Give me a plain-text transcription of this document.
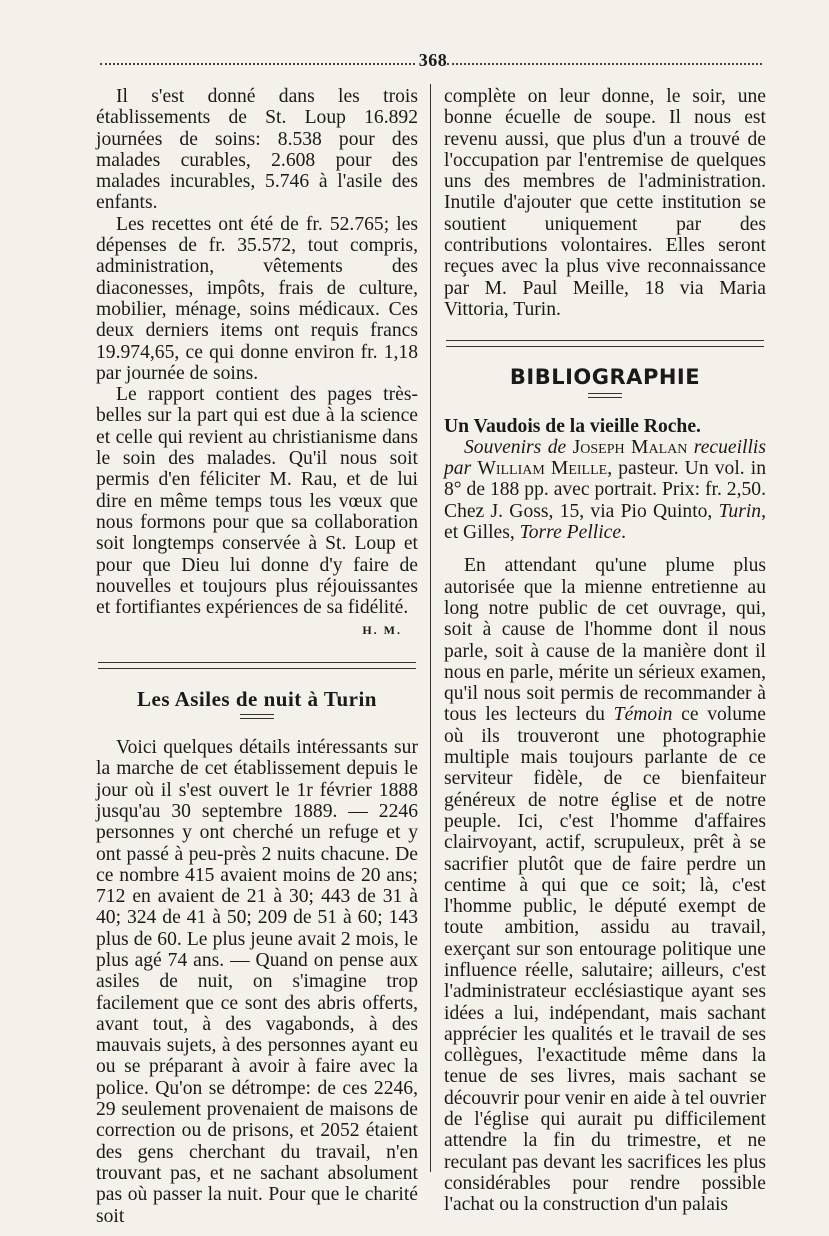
368

Il s'est donné dans les trois établissements de St. Loup 16.892 journées de soins: 8.538 pour des malades curables, 2.608 pour des malades incurables, 5.746 à l'asile des enfants.

Les recettes ont été de fr. 52.765; les dépenses de fr. 35.572, tout compris, administration, vêtements des diaconesses, impôts, frais de culture, mobilier, ménage, soins médicaux. Ces deux derniers items ont requis francs 19.974,65, ce qui donne environ fr. 1,18 par journée de soins.

Le rapport contient des pages très-belles sur la part qui est due à la science et celle qui revient au christianisme dans le soin des malades. Qu'il nous soit permis d'en féliciter M. Rau, et de lui dire en même temps tous les vœux que nous formons pour que sa collaboration soit longtemps conservée à St. Loup et pour que Dieu lui donne d'y faire de nouvelles et toujours plus réjouissantes et fortifiantes expériences de sa fidélité.

H. M.
Les Asiles de nuit à Turin

Voici quelques détails intéressants sur la marche de cet établissement depuis le jour où il s'est ouvert le 1r février 1888 jusqu'au 30 septembre 1889. — 2246 personnes y ont cherché un refuge et y ont passé à peu-près 2 nuits chacune. De ce nombre 415 avaient moins de 20 ans; 712 en avaient de 21 à 30; 443 de 31 à 40; 324 de 41 à 50; 209 de 51 à 60; 143 plus de 60. Le plus jeune avait 2 mois, le plus agé 74 ans. — Quand on pense aux asiles de nuit, on s'imagine trop facilement que ce sont des abris offerts, avant tout, à des vagabonds, à des mauvais sujets, à des personnes ayant eu ou se préparant à avoir à faire avec la police. Qu'on se détrompe: de ces 2246, 29 seulement provenaient de maisons de correction ou de prisons, et 2052 étaient des gens cherchant du travail, n'en trouvant pas, et ne sachant absolument pas où passer la nuit. Pour que le charité soit

complète on leur donne, le soir, une bonne écuelle de soupe. Il nous est revenu aussi, que plus d'un a trouvé de l'occupation par l'entremise de quelques uns des membres de l'administration. Inutile d'ajouter que cette institution se soutient uniquement par des contributions volontaires. Elles seront reçues avec la plus vive reconnaissance par M. Paul Meille, 18 via Maria Vittoria, Turin.

BIBLIOGRAPHIE

Un Vaudois de la vieille Roche.

Souvenirs de Joseph Malan recueillis par William Meille, pasteur. Un vol. in 8° de 188 pp. avec portrait. Prix: fr. 2,50. Chez J. Goss, 15, via Pio Quinto, Turin, et Gilles, Torre Pellice.

En attendant qu'une plume plus autorisée que la mienne entretienne au long notre public de cet ouvrage, qui, soit à cause de l'homme dont il nous parle, soit à cause de la manière dont il nous en parle, mérite un sérieux examen, qu'il nous soit permis de recommander à tous les lecteurs du Témoin ce volume où ils trouveront une photographie multiple mais toujours parlante de ce serviteur fidèle, de ce bienfaiteur généreux de notre église et de notre peuple. Ici, c'est l'homme d'affaires clairvoyant, actif, scrupuleux, prêt à se sacrifier plutôt que de faire perdre un centime à qui que ce soit; là, c'est l'homme public, le député exempt de toute ambition, assidu au travail, exerçant sur son entourage politique une influence réelle, salutaire; ailleurs, c'est l'administrateur ecclésiastique ayant ses idées a lui, indépendant, mais sachant apprécier les qualités et le travail de ses collègues, l'exactitude même dans la tenue de ses livres, mais sachant se découvrir pour venir en aide à tel ouvrier de l'église qui aurait pu difficilement attendre la fin du trimestre, et ne reculant pas devant les sacrifices les plus considérables pour rendre possible l'achat ou la construction d'un palais
